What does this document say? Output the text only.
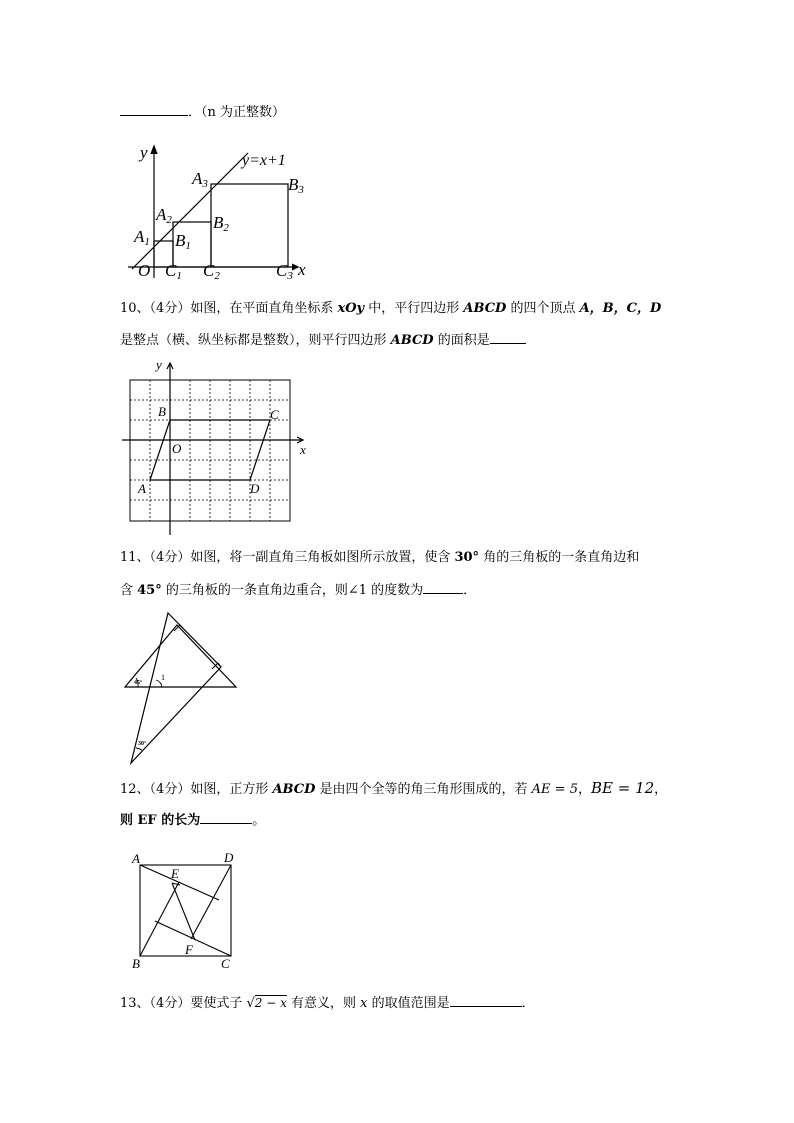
．（n 为正整数）
y=x+1
y
x
O
A1
A2
A3
B1
B2
B3
C1 C2	C3
10、（4分）如图，在平面直角坐标系 xOy 中，平行四边形 ABCD 的四个顶点 A，B，C，D
是整点（横、纵坐标都是整数），则平行四边形 ABCD 的面积是
y
x
O
B	C
A	D
11、（4分）如图，将一副直角三角板如图所示放置，使含 30° 角的三角板的一条直角边和
含 45° 的三角板的一条直角边重合，则∠1 的度数为	．
45°
30°
1
12、（4分）如图，正方形 ABCD 是由四个全等的角三角形围成的，若 AE = 5，BE = 12，
则 EF 的长为	。
A	D
B	C
E
F
13、（4分）要使式子 √2 − x 有意义，则 x 的取值范围是	．
